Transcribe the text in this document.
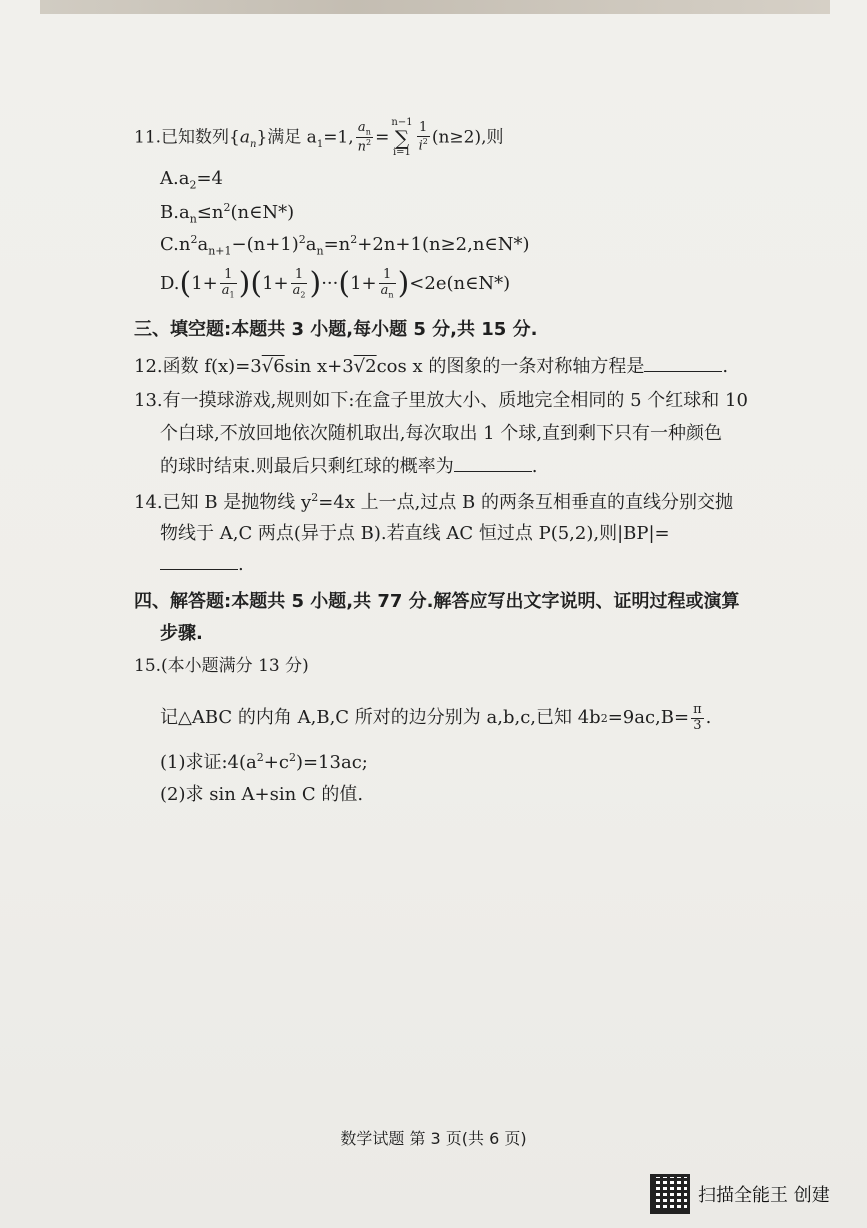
11.已知数列$\{a_n\}$满足 $a_1=1$, $\frac{a_n}{n^2} =n-1$
∑
$i=1 \frac{1}{i^2} (n\ge 2)$,则
$A.a_2=4$
$B.a_n\le n^2(n\in N*)$
$C.n^2a_{n+1}-(n+1)^2a_n=n^2+2n+1(n\ge 2,n\in N*)$
D. ( $1+ \frac{1}{a_1}$ ) ( $1+ \frac{1}{a_2}$ ) ··· ( $1+ \frac{1}{a_n}$ ) <2e(n∈N*)
三、填空题:本题共 3 小题,每小题 5 分,共 15 分.
12.函数 f(x)=3√6sin x+3√2cos x 的图象的一条对称轴方程是	.
13.有一摸球游戏,规则如下:在盒子里放大小、质地完全相同的 5 个红球和 10
个白球,不放回地依次随机取出,每次取出 1 个球,直到剩下只有一种颜色
的球时结束.则最后只剩红球的概率为	.
14.已知 B 是抛物线 $y^2=4x$ 上一点,过点 B 的两条互相垂直的直线分别交抛
物线于 A,C 两点(异于点 B).若直线 AC 恒过点 P(5,2),则|BP|=
.
四、解答题:本题共 5 小题,共 77 分.解答应写出文字说明、证明过程或演算
步骤.
15.(本小题满分 13 分)
记△ABC 的内角 A,B,C 所对的边分别为 a,b,c,已知 4b $2 =9ac,B= \frac{\pi}{3}$ .
(1)求证$:4(a^2+c^2)=13ac$;
(2)求 sin A+sin C 的值.
数学试题 第 3 页(共 6 页)
扫描全能王 创建
